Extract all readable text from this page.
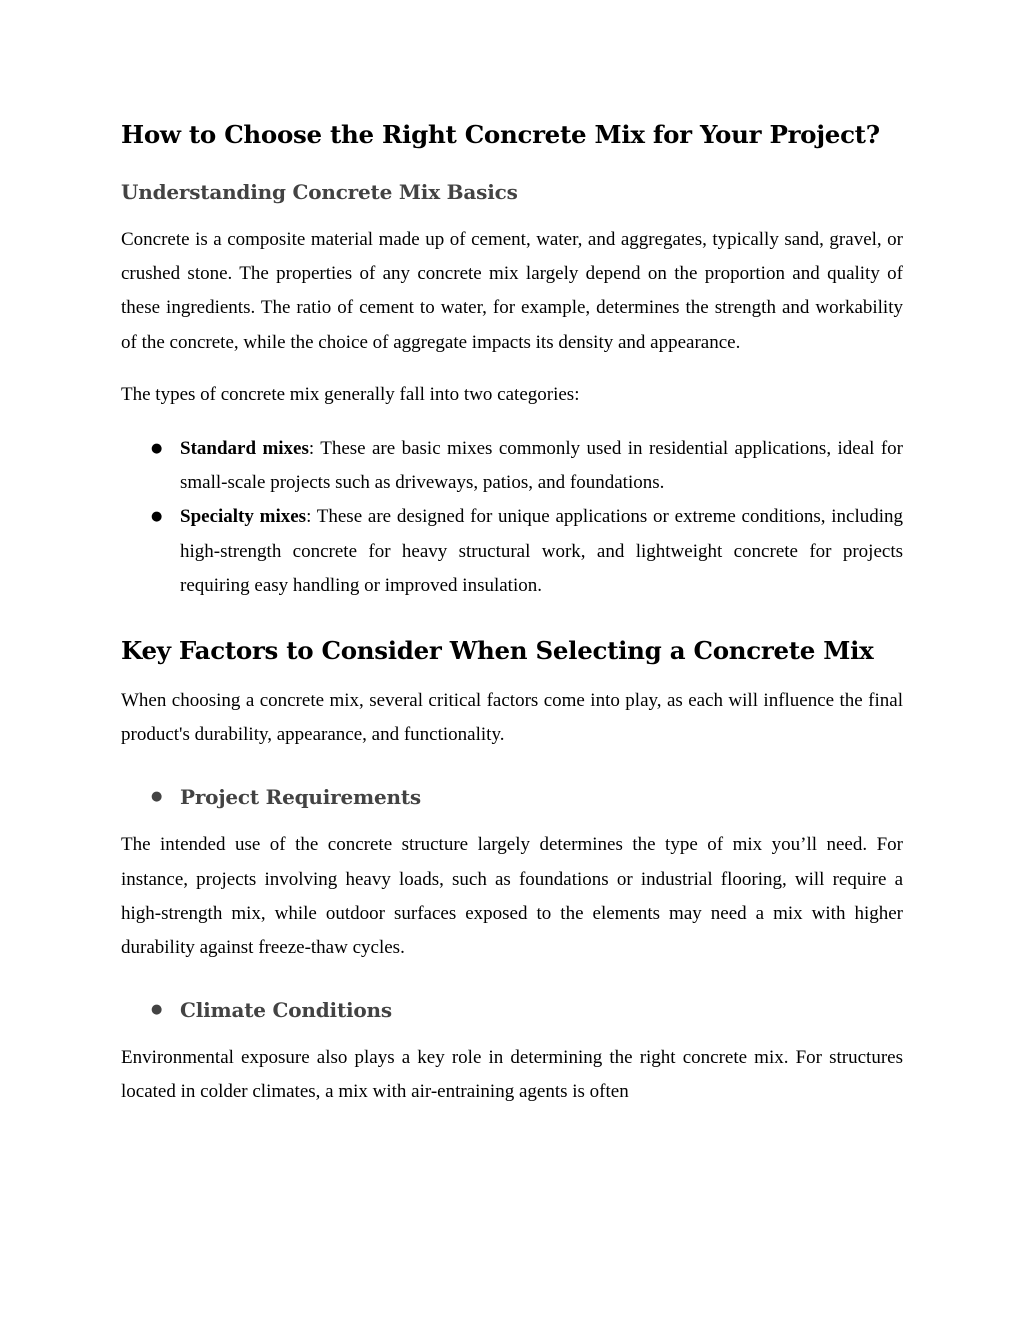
How to Choose the Right Concrete Mix for Your Project?
Understanding Concrete Mix Basics

Concrete is a composite material made up of cement, water, and aggregates, typically sand, gravel, or crushed stone. The properties of any concrete mix largely depend on the proportion and quality of these ingredients. The ratio of cement to water, for example, determines the strength and workability of the concrete, while the choice of aggregate impacts its density and appearance.

The types of concrete mix generally fall into two categories:

● Standard mixes: These are basic mixes commonly used in residential applications, ideal for small-scale projects such as driveways, patios, and foundations.

● Specialty mixes: These are designed for unique applications or extreme conditions, including high-strength concrete for heavy structural work, and lightweight concrete for projects requiring easy handling or improved insulation.

Key Factors to Consider When Selecting a Concrete Mix

When choosing a concrete mix, several critical factors come into play, as each will influence the final product's durability, appearance, and functionality.

● Project Requirements

The intended use of the concrete structure largely determines the type of mix you’ll need. For instance, projects involving heavy loads, such as foundations or industrial flooring, will require a high-strength mix, while outdoor surfaces exposed to the elements may need a mix with higher durability against freeze-thaw cycles.

● Climate Conditions

Environmental exposure also plays a key role in determining the right concrete mix. For structures located in colder climates, a mix with air-entraining agents is often
